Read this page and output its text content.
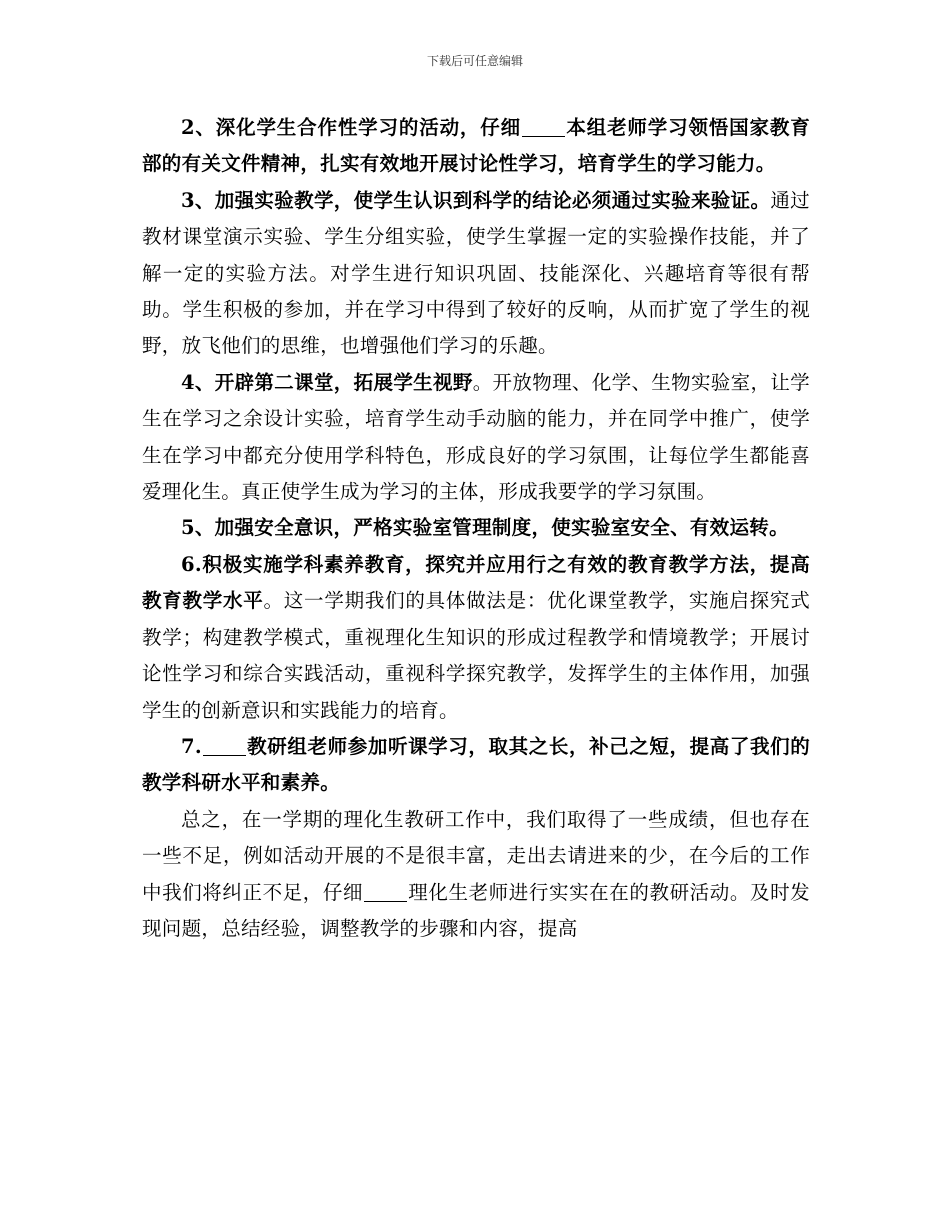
下载后可任意编辑

2、深化学生合作性学习的活动，仔细 本组老师学习领悟国家教育部的有关文件精神，扎实有效地开展讨论性学习，培育学生的学习能力。

3、加强实验教学，使学生认识到科学的结论必须通过实验来验证。通过教材课堂演示实验、学生分组实验，使学生掌握一定的实验操作技能，并了解一定的实验方法。对学生进行知识巩固、技能深化、兴趣培育等很有帮助。学生积极的参加，并在学习中得到了较好的反响，从而扩宽了学生的视野，放飞他们的思维，也增强他们学习的乐趣。

4、开辟第二课堂，拓展学生视野。开放物理、化学、生物实验室，让学生在学习之余设计实验，培育学生动手动脑的能力，并在同学中推广，使学生在学习中都充分使用学科特色，形成良好的学习氛围，让每位学生都能喜爱理化生。真正使学生成为学习的主体，形成我要学的学习氛围。

5、加强安全意识，严格实验室管理制度，使实验室安全、有效运转。

6.积极实施学科素养教育，探究并应用行之有效的教育教学方法，提高教育教学水平。这一学期我们的具体做法是：优化课堂教学，实施启探究式教学；构建教学模式，重视理化生知识的形成过程教学和情境教学；开展讨论性学习和综合实践活动，重视科学探究教学，发挥学生的主体作用，加强学生的创新意识和实践能力的培育。

7. 教研组老师参加听课学习，取其之长，补己之短，提高了我们的教学科研水平和素养。

总之，在一学期的理化生教研工作中，我们取得了一些成绩，但也存在一些不足，例如活动开展的不是很丰富，走出去请进来的少，在今后的工作中我们将纠正不足，仔细 理化生老师进行实实在在的教研活动。及时发现问题，总结经验，调整教学的步骤和内容，提高
